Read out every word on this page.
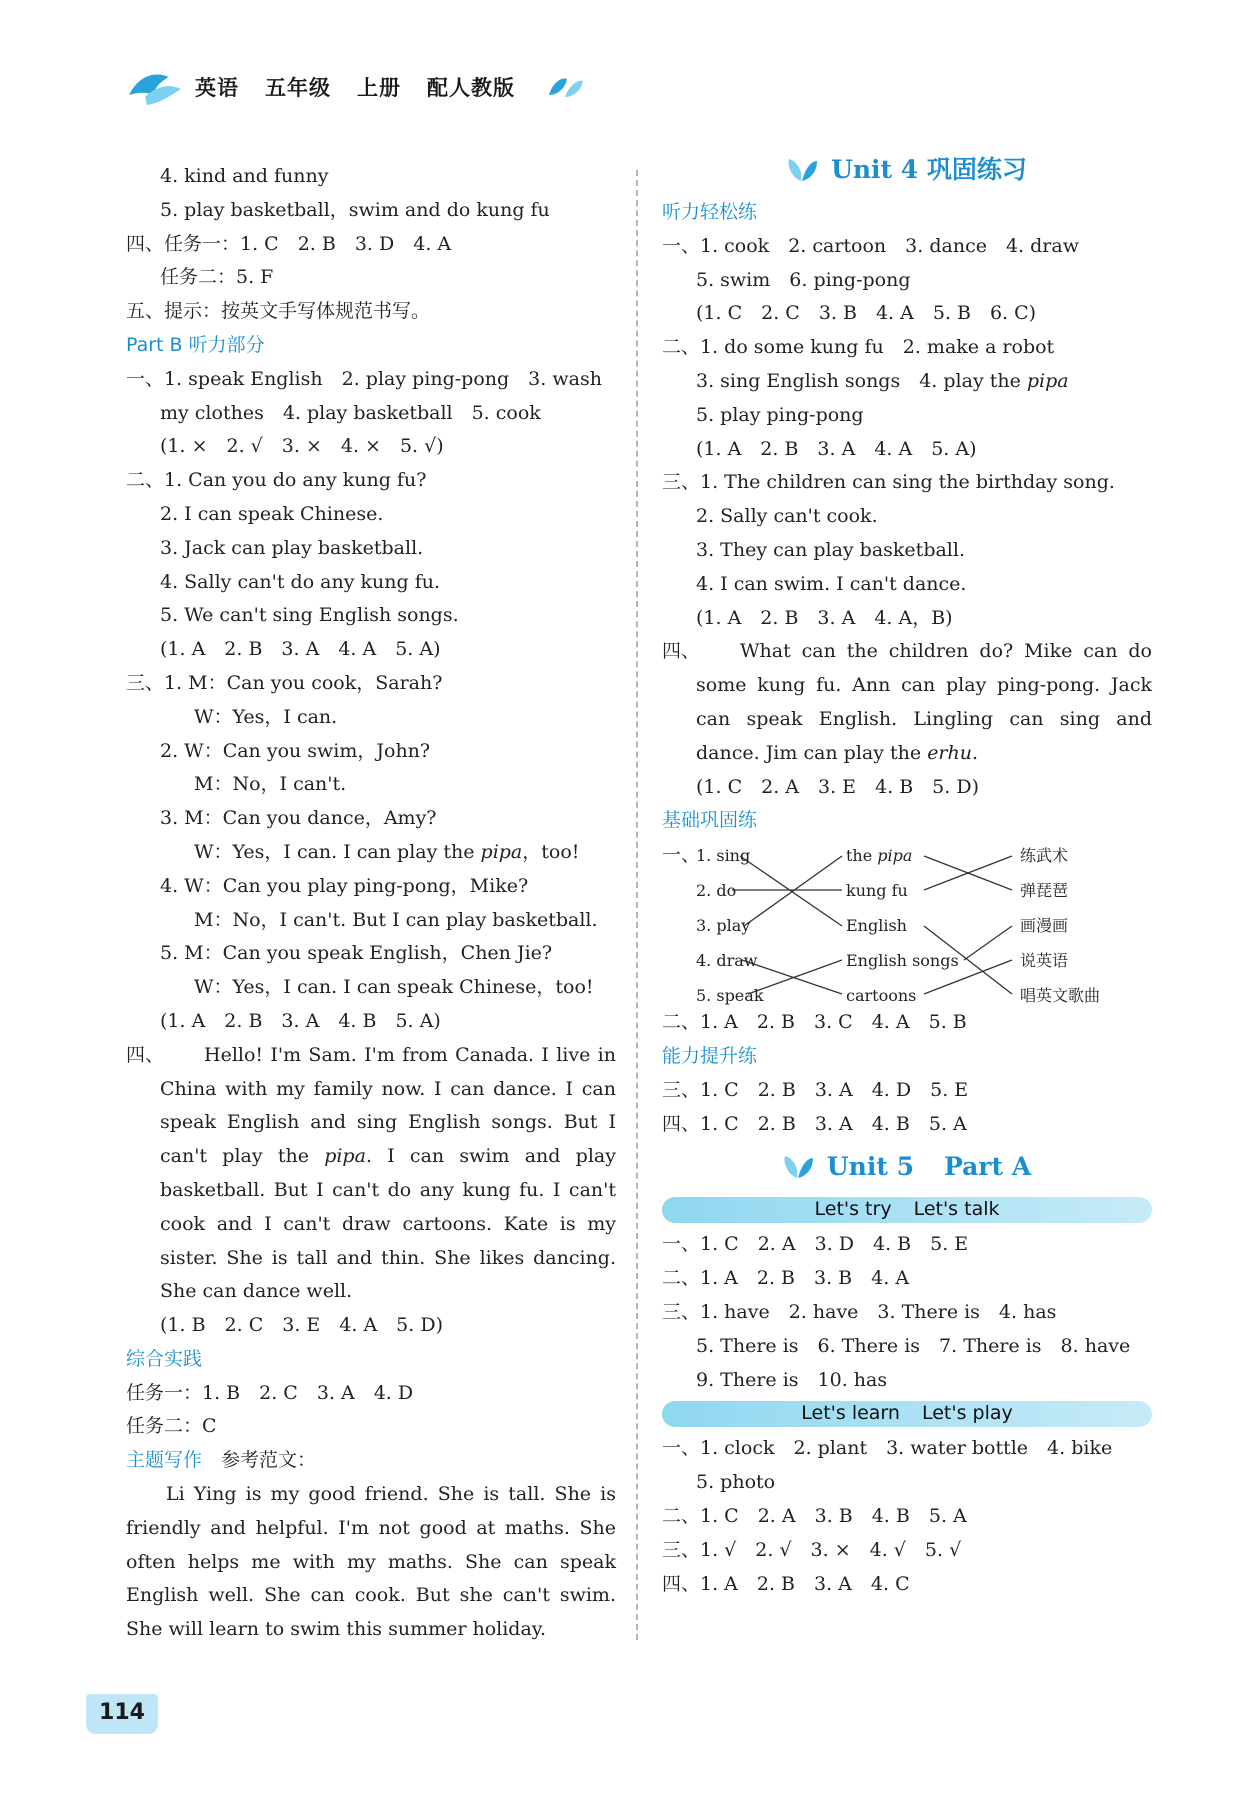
英语 五年级 上册 配人教版
4. kind and funny
5. play basketball，swim and do kung fu
四、任务一：1. C　2. B　3. D　4. A
任务二：5. F
五、提示：按英文手写体规范书写。
Part B 听力部分
一、1. speak English　2. play ping-pong　3. wash
my clothes　4. play basketball　5. cook
(1. ×　2. √　3. ×　4. ×　5. √)
二、1. Can you do any kung fu?
2. I can speak Chinese.
3. Jack can play basketball.
4. Sally can't do any kung fu.
5. We can't sing English songs.
(1. A　2. B　3. A　4. A　5. A)
三、1. M：Can you cook，Sarah?
W：Yes，I can.
2. W：Can you swim，John?
M：No，I can't.
3. M：Can you dance，Amy?
W：Yes，I can. I can play the pipa，too!
4. W：Can you play ping-pong，Mike?
M：No，I can't. But I can play basketball.
5. M：Can you speak English，Chen Jie?
W：Yes，I can. I can speak Chinese，too!
(1. A　2. B　3. A　4. B　5. A)
四、	Hello! I'm Sam. I'm from Canada. I live in China with my family now. I can dance. I can speak English and sing English songs. But I can't play the pipa. I can swim and play basketball. But I can't do any kung fu. I can't cook and I can't draw cartoons. Kate is my sister. She is tall and thin. She likes dancing. She can dance well.
(1. B　2. C　3. E　4. A　5. D)
综合实践
任务一：1. B　2. C　3. A　4. D
任务二：C
主题写作　 参考范文：
Li Ying is my good friend. She is tall. She is friendly and helpful. I'm not good at maths. She often helps me with my maths. She can speak English well. She can cook. But she can't swim. She will learn to swim this summer holiday.
Unit 4 巩固练习
听力轻松练
一、1. cook　2. cartoon　3. dance　4. draw
5. swim　6. ping-pong
(1. C　2. C　3. B　4. A　5. B　6. C)
二、1. do some kung fu　2. make a robot
3. sing English songs　4. play the pipa
5. play ping-pong
(1. A　2. B　3. A　4. A　5. A)
三、1. The children can sing the birthday song.
2. Sally can't cook.
3. They can play basketball.
4. I can swim. I can't dance.
(1. A　2. B　3. A　4. A，B)
四、	What can the children do? Mike can do some kung fu. Ann can play ping-pong. Jack can speak English. Lingling can sing and dance. Jim can play the erhu.
(1. C　2. A　3. E　4. B　5. D)
基础巩固练
一、
1. sing
2. do
3. play
4. draw
5. speak
the pipa
kung fu
English
English songs
cartoons
练武术
弹琵琶
画漫画
说英语
唱英文歌曲
二、1. A　2. B　3. C　4. A　5. B
能力提升练
三、1. C　2. B　3. A　4. D　5. E
四、1. C　2. B　3. A　4. B　5. A
Unit 5 Part A
Let's try Let's talk
一、1. C　2. A　3. D　4. B　5. E
二、1. A　2. B　3. B　4. A
三、1. have　2. have　3. There is　4. has
5. There is　6. There is　7. There is　8. have
9. There is　10. has
Let's learn Let's play
一、1. clock　2. plant　3. water bottle　4. bike
5. photo
二、1. C　2. A　3. B　4. B　5. A
三、1. √　2. √　3. ×　4. √　5. √
四、1. A　2. B　3. A　4. C
114
